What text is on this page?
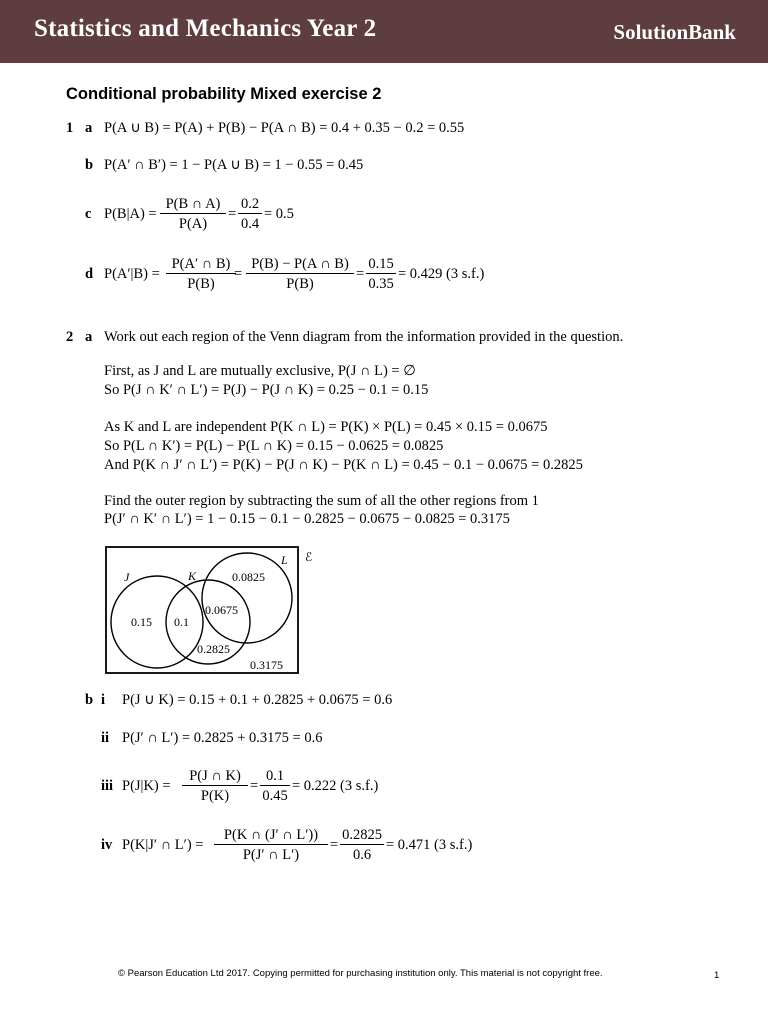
Statistics and Mechanics Year 2	SolutionBank
Conditional probability Mixed exercise 2
1 a P(A ∪ B) = P(A) + P(B) − P(A ∩ B) = 0.4 + 0.35 − 0.2 = 0.55
b P(A′ ∩ B′) = 1 − P(A ∪ B) = 1 − 0.55 = 0.45
c P(B|A) =
P(B ∩ A)
P(A)
=
0.2
0.4
= 0.5
d P(A′|B) =
P(A′ ∩ B)
P(B)
=
P(B) − P(A ∩ B)
P(B)
=
0.15
0.35
= 0.429 (3 s.f.)
2 a Work out each region of the Venn diagram from the information provided in the question.
First, as J and L are mutually exclusive, P(J ∩ L) = ∅
So P(J ∩ K′ ∩ L′) = P(J) − P(J ∩ K) = 0.25 − 0.1 = 0.15
As K and L are independent P(K ∩ L) = P(K) × P(L) = 0.45 × 0.15 = 0.0675
So P(L ∩ K′) = P(L) − P(L ∩ K) = 0.15 − 0.0625 = 0.0825
And P(K ∩ J′ ∩ L′) = P(K) − P(J ∩ K) − P(K ∩ L) = 0.45 − 0.1 − 0.0675 = 0.2825
Find the outer region by subtracting the sum of all the other regions from 1
P(J′ ∩ K′ ∩ L′) = 1 − 0.15 − 0.1 − 0.2825 − 0.0675 − 0.0825 = 0.3175
ℰ
J	K
L
0.0825
0.0675
0.15 0.1
0.2825
0.3175
b i P(J ∪ K) = 0.15 + 0.1 + 0.2825 + 0.0675 = 0.6
ii P(J′ ∩ L′) = 0.2825 + 0.3175 = 0.6
iii P(J|K) =
P(J ∩ K)
P(K)
=
0.1
0.45
= 0.222 (3 s.f.)
iv P(K|J′ ∩ L′) =
P(K ∩ (J′ ∩ L′))
P(J′ ∩ L′)
=
0.2825
0.6
= 0.471 (3 s.f.)
© Pearson Education Ltd 2017. Copying permitted for purchasing institution only. This material is not copyright free.	1
